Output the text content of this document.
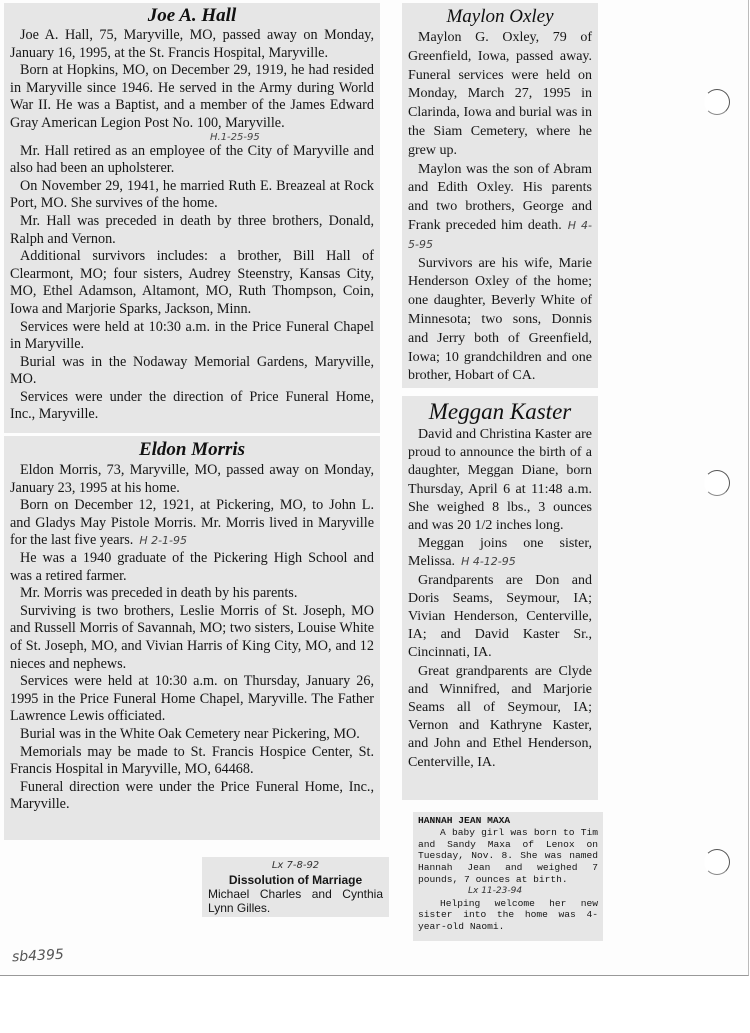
Joe A. Hall

Joe A. Hall, 75, Maryville, MO, passed away on Monday, January 16, 1995, at the St. Francis Hospital, Maryville.

Born at Hopkins, MO, on December 29, 1919, he had resided in Maryville since 1946. He served in the Army during World War II. He was a Baptist, and a member of the James Edward Gray American Legion Post No. 100, Maryville.

H.1-25-95

Mr. Hall retired as an employee of the City of Maryville and also had been an upholsterer.

On November 29, 1941, he married Ruth E. Breazeal at Rock Port, MO. She survives of the home.

Mr. Hall was preceded in death by three brothers, Donald, Ralph and Vernon.

Additional survivors includes: a brother, Bill Hall of Clearmont, MO; four sisters, Audrey Steenstry, Kansas City, MO, Ethel Adamson, Altamont, MO, Ruth Thompson, Coin, Iowa and Marjorie Sparks, Jackson, Minn.

Services were held at 10:30 a.m. in the Price Funeral Chapel in Maryville.

Burial was in the Nodaway Memorial Gardens, Maryville, MO.

Services were under the direction of Price Funeral Home, Inc., Maryville.

Eldon Morris

Eldon Morris, 73, Maryville, MO, passed away on Monday, January 23, 1995 at his home.

Born on December 12, 1921, at Pickering, MO, to John L. and Gladys May Pistole Morris. Mr. Morris lived in Maryville for the last five years. H 2-1-95

He was a 1940 graduate of the Pickering High School and was a retired farmer.

Mr. Morris was preceded in death by his parents.

Surviving is two brothers, Leslie Morris of St. Joseph, MO and Russell Morris of Savannah, MO; two sisters, Louise White of St. Joseph, MO, and Vivian Harris of King City, MO, and 12 nieces and nephews.

Services were held at 10:30 a.m. on Thursday, January 26, 1995 in the Price Funeral Home Chapel, Maryville. The Father Lawrence Lewis officiated.

Burial was in the White Oak Cemetery near Pickering, MO.

Memorials may be made to St. Francis Hospice Center, St. Francis Hospital in Maryville, MO, 64468.

Funeral direction were under the Price Funeral Home, Inc., Maryville.

Maylon Oxley

Maylon G. Oxley, 79 of Greenfield, Iowa, passed away. Funeral services were held on Monday, March 27, 1995 in Clarinda, Iowa and burial was in the Siam Cemetery, where he grew up.

Maylon was the son of Abram and Edith Oxley. His parents and two brothers, George and Frank preceded him death. H 4-5-95

Survivors are his wife, Marie Henderson Oxley of the home; one daughter, Beverly White of Minnesota; two sons, Donnis and Jerry both of Greenfield, Iowa; 10 grandchildren and one brother, Hobart of CA.

Meggan Kaster

David and Christina Kaster are proud to announce the birth of a daughter, Meggan Diane, born Thursday, April 6 at 11:48 a.m. She weighed 8 lbs., 3 ounces and was 20 1/2 inches long.

Meggan joins one sister, Melissa. H 4-12-95

Grandparents are Don and Doris Seams, Seymour, IA; Vivian Henderson, Centerville, IA; and David Kaster Sr., Cincinnati, IA.

Great grandparents are Clyde and Winnifred, and Marjorie Seams all of Seymour, IA; Vernon and Kathryne Kaster, and John and Ethel Henderson, Centerville, IA.

Lx 7-8-92
Dissolution of Marriage
Michael Charles and Cynthia Lynn Gilles.
HANNAH JEAN MAXA

A baby girl was born to Tim and Sandy Maxa of Lenox on Tuesday, Nov. 8. She was named Hannah Jean and weighed 7 pounds, 7 ounces at birth.

Lx 11-23-94

Helping welcome her new sister into the home was 4-year-old Naomi.

sb4395
